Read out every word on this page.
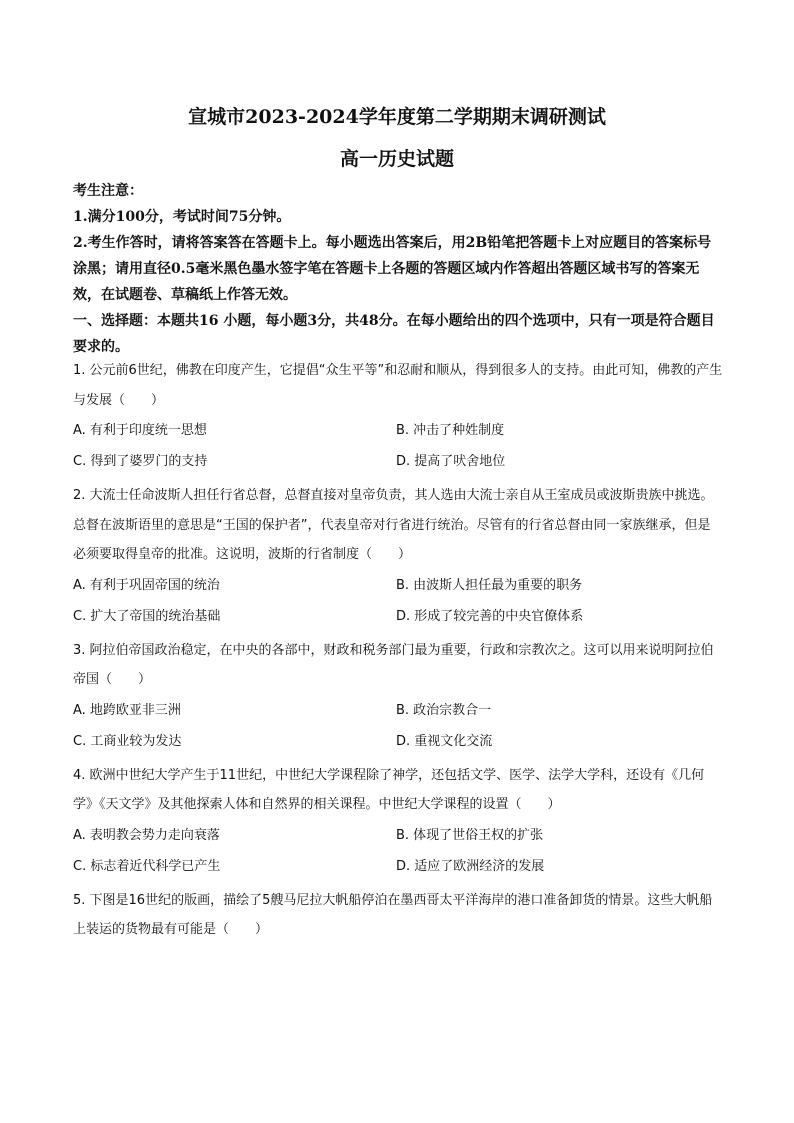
宣城市2023-2024学年度第二学期期末调研测试
高一历史试题

考生注意：

1.满分100分，考试时间75分钟。

2.考生作答时，请将答案答在答题卡上。每小题选出答案后，用2B铅笔把答题卡上对应题目的答案标号涂黑；请用直径0.5毫米黑色墨水签字笔在答题卡上各题的答题区域内作答超出答题区域书写的答案无效，在试题卷、草稿纸上作答无效。

一、选择题：本题共16 小题，每小题3分，共48分。在每小题给出的四个选项中，只有一项是符合题目要求的。

1. 公元前6世纪，佛教在印度产生，它提倡“众生平等”和忍耐和顺从，得到很多人的支持。由此可知，佛教的产生与发展（　　）

A. 有利于印度统一思想	B. 冲击了种姓制度
C. 得到了婆罗门的支持	D. 提高了吠舍地位

2. 大流士任命波斯人担任行省总督，总督直接对皇帝负责，其人选由大流士亲自从王室成员或波斯贵族中挑选。总督在波斯语里的意思是“王国的保护者”，代表皇帝对行省进行统治。尽管有的行省总督由同一家族继承，但是必须要取得皇帝的批准。这说明，波斯的行省制度（　　）

A. 有利于巩固帝国的统治	B. 由波斯人担任最为重要的职务
C. 扩大了帝国的统治基础	D. 形成了较完善的中央官僚体系

3. 阿拉伯帝国政治稳定，在中央的各部中，财政和税务部门最为重要，行政和宗教次之。这可以用来说明阿拉伯帝国（　　）

A. 地跨欧亚非三洲	B. 政治宗教合一
C. 工商业较为发达	D. 重视文化交流

4. 欧洲中世纪大学产生于11世纪，中世纪大学课程除了神学，还包括文学、医学、法学大学科，还设有《几何学》《天文学》及其他探索人体和自然界的相关课程。中世纪大学课程的设置（　　）

A. 表明教会势力走向衰落	B. 体现了世俗王权的扩张
C. 标志着近代科学已产生	D. 适应了欧洲经济的发展

5. 下图是16世纪的版画，描绘了5艘马尼拉大帆船停泊在墨西哥太平洋海岸的港口准备卸货的情景。这些大帆船上装运的货物最有可能是（　　）
